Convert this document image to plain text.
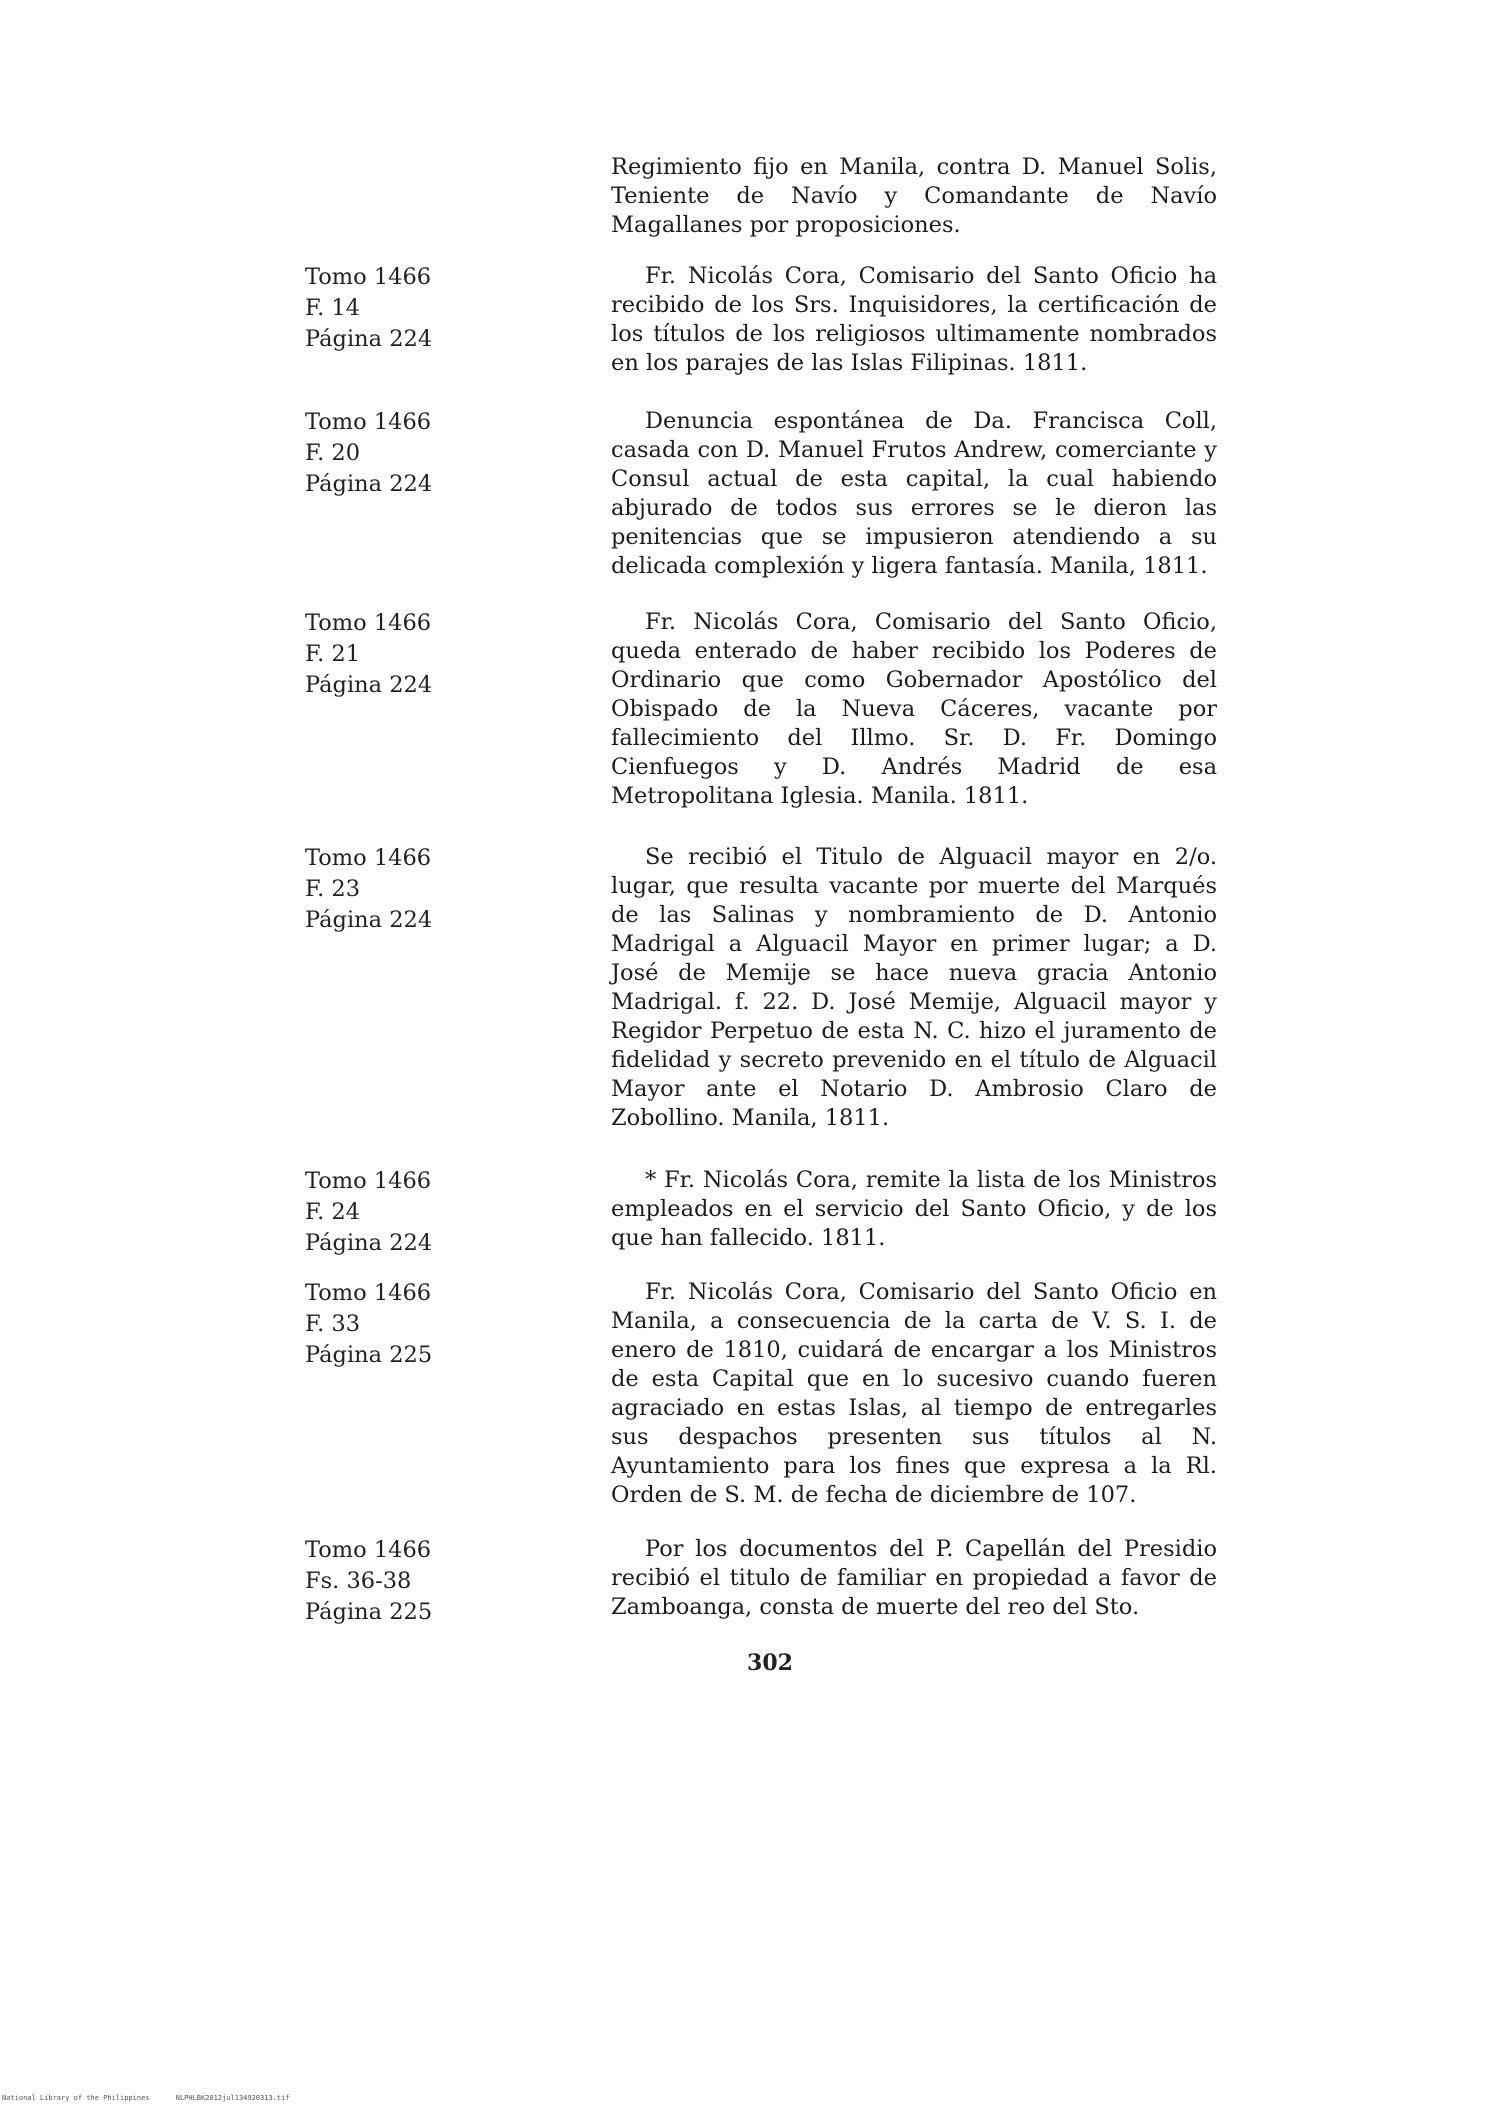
Regimiento fijo en Manila, contra D. Manuel Solis, Teniente de Navío y Comandante de Navío Magallanes por proposiciones.

Tomo 1466
F. 14
Página 224

Fr. Nicolás Cora, Comisario del Santo Oficio ha recibido de los Srs. Inquisidores, la certificación de los títulos de los religiosos ultimamente nombrados en los parajes de las Islas Filipinas. 1811.

Tomo 1466
F. 20
Página 224

Denuncia espontánea de Da. Francisca Coll, casada con D. Manuel Frutos Andrew, comerciante y Consul actual de esta capital, la cual habiendo abjurado de todos sus errores se le dieron las penitencias que se impusieron atendiendo a su delicada complexión y ligera fantasía. Manila, 1811.

Tomo 1466
F. 21
Página 224

Fr. Nicolás Cora, Comisario del Santo Oficio, queda enterado de haber recibido los Poderes de Ordinario que como Gobernador Apostólico del Obispado de la Nueva Cáceres, vacante por fallecimiento del Illmo. Sr. D. Fr. Domingo Cienfuegos y D. Andrés Madrid de esa Metropolitana Iglesia. Manila. 1811.

Tomo 1466
F. 23
Página 224

Se recibió el Titulo de Alguacil mayor en 2/o. lugar, que resulta vacante por muerte del Marqués de las Salinas y nombramiento de D. Antonio Madrigal a Alguacil Mayor en primer lugar; a D. José de Memije se hace nueva gracia Antonio Madrigal. f. 22. D. José Memije, Alguacil mayor y Regidor Perpetuo de esta N. C. hizo el juramento de fidelidad y secreto prevenido en el título de Alguacil Mayor ante el Notario D. Ambrosio Claro de Zobollino. Manila, 1811.

Tomo 1466
F. 24
Página 224

* Fr. Nicolás Cora, remite la lista de los Ministros empleados en el servicio del Santo Oficio, y de los que han fallecido. 1811.

Tomo 1466
F. 33
Página 225

Fr. Nicolás Cora, Comisario del Santo Oficio en Manila, a consecuencia de la carta de V. S. I. de enero de 1810, cuidará de encargar a los Ministros de esta Capital que en lo sucesivo cuando fueren agraciado en estas Islas, al tiempo de entregarles sus despachos presenten sus títulos al N. Ayuntamiento para los fines que expresa a la Rl. Orden de S. M. de fecha de diciembre de 107.

Tomo 1466
Fs. 36-38
Página 225

Por los documentos del P. Capellán del Presidio recibió el titulo de familiar en propiedad a favor de Zamboanga, consta de muerte del reo del Sto.

302
National Library of the Philippines	NLPHLBK2012jul134920313.tif
